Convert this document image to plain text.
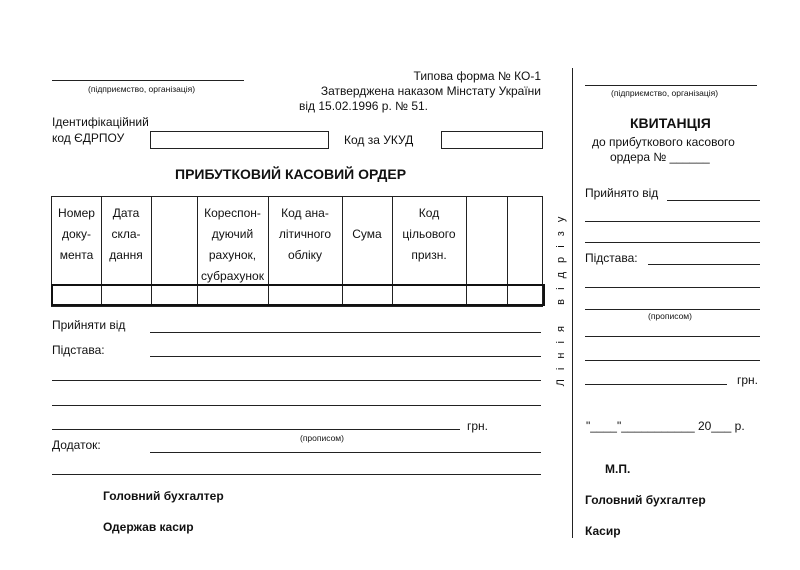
(підприємство, організація)
Типова форма № КО-1
Затверджена наказом Мінстату України
від 15.02.1996 р. № 51.
Ідентифікаційний
код ЄДРПОУ	Код за УКУД
ПРИБУТКОВИЙ КАСОВИЙ ОРДЕР
Номер
доку-
мента
Дата
скла-
дання
Кореспон-
дуючий
рахунок,
субрахунок
Код ана-
літичного
обліку
Сума
Код
цільового
призн.
Прийняти від
Підстава:
грн.
(прописом)
Додаток:
Головний бухгалтер
Одержав касир
Л і н і я   в і д р і з у
(підприємство, організація)
КВИТАНЦІЯ
до прибуткового касового
ордера № ______
Прийнято від
Підстава:
(прописом)
грн.
"____"___________ 20___ р.
М.П.
Головний бухгалтер
Касир
